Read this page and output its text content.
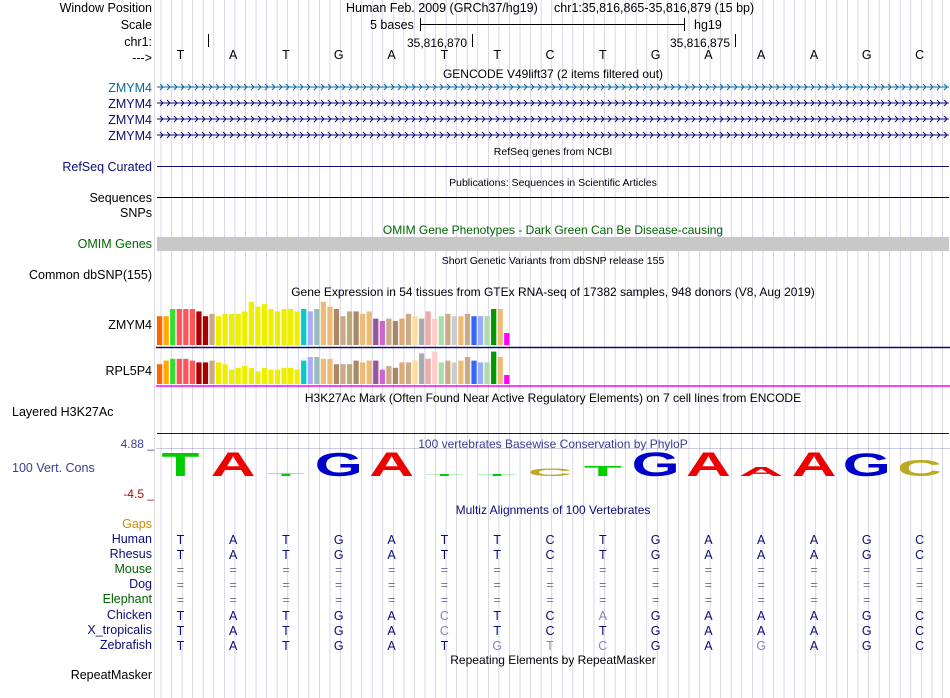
Window Position
Scale
chr1:
--->
Human Feb. 2009 (GRCh37/hg19) chr1:35,816,865-35,816,879 (15 bp)
5 bases	hg19
35,816,870	35,816,875
T	A	T	G	A	T	T	C	T	G	A	A	A	G	C
GENCODE V49lift37 (2 items filtered out)
ZMYM4
ZMYM4
ZMYM4
ZMYM4
RefSeq genes from NCBI
RefSeq Curated
Publications: Sequences in Scientific Articles
Sequences
SNPs
OMIM Gene Phenotypes - Dark Green Can Be Disease-causing
OMIM Genes
Short Genetic Variants from dbSNP release 155
Common dbSNP(155)
Gene Expression in 54 tissues from GTEx RNA-seq of 17382 samples, 948 donors (V8, Aug 2019)
ZMYM4
RPL5P4
H3K27Ac Mark (Often Found Near Active Regulatory Elements) on 7 cell lines from ENCODE
Layered H3K27Ac
100 vertebrates Basewise Conservation by PhyloP
4.88 _
100 Vert. Cons
-4.5 _
T A T G A T T C T G A A A G C
Multiz Alignments of 100 Vertebrates
Gaps
Human	T	A	T	G	A	T	T	C	T	G	A	A	A	G	C
Rhesus	T	A	T	G	A	T	T	C	T	G	A	A	A	G	C
Mouse	=	=	=	=	=	=	=	=	=	=	=	=	=	=	=
Dog	=	=	=	=	=	=	=	=	=	=	=	=	=	=	=
Elephant	=	=	=	=	=	=	=	=	=	=	=	=	=	=	=
Chicken	T	A	T	G	A	C	T	C	A	G	A	A	A	G	C
X_tropicalis	T	A	T	G	A	C	T	C	T	G	A	A	A	G	C
Zebrafish	T	A	T	G	A	T	G	T	C	G	A	G	A	G	C
Repeating Elements by RepeatMasker
RepeatMasker
